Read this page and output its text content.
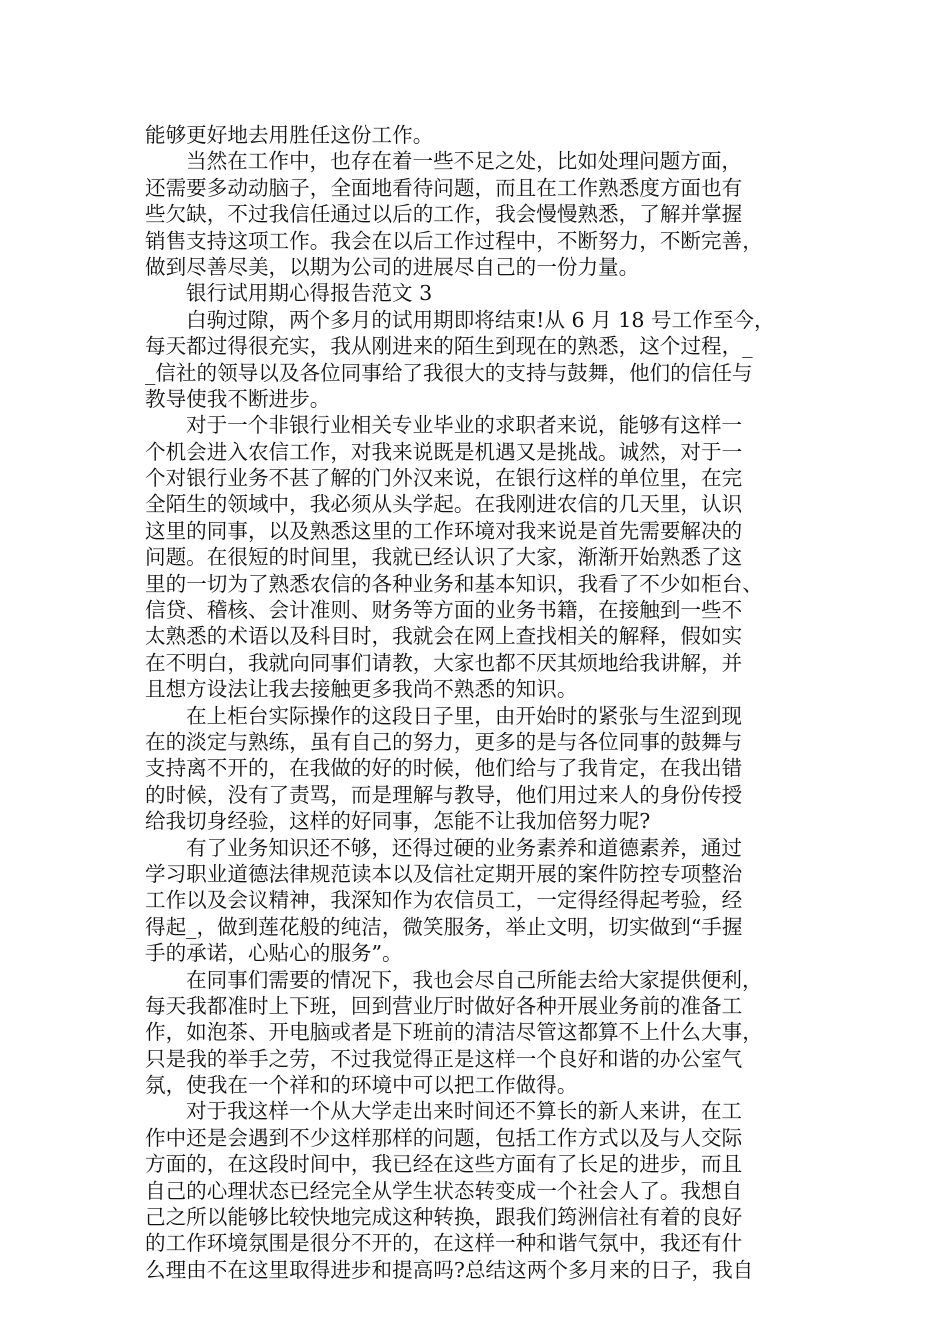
能够更好地去用胜任这份工作。
当然在工作中，也存在着一些不足之处，比如处理问题方面，
还需要多动动脑子，全面地看待问题，而且在工作熟悉度方面也有
些欠缺，不过我信任通过以后的工作，我会慢慢熟悉，了解并掌握
销售支持这项工作。我会在以后工作过程中，不断努力，不断完善，
做到尽善尽美，以期为公司的进展尽自己的一份力量。
银行试用期心得报告范文 3
白驹过隙，两个多月的试用期即将结束!从 6 月 18 号工作至今，
每天都过得很充实，我从刚进来的陌生到现在的熟悉，这个过程，_
_信社的领导以及各位同事给了我很大的支持与鼓舞，他们的信任与
教导使我不断进步。
对于一个非银行业相关专业毕业的求职者来说，能够有这样一
个机会进入农信工作，对我来说既是机遇又是挑战。诚然，对于一
个对银行业务不甚了解的门外汉来说，在银行这样的单位里，在完
全陌生的领域中，我必须从头学起。在我刚进农信的几天里，认识
这里的同事，以及熟悉这里的工作环境对我来说是首先需要解决的
问题。在很短的时间里，我就已经认识了大家，渐渐开始熟悉了这
里的一切为了熟悉农信的各种业务和基本知识，我看了不少如柜台、
信贷、稽核、会计准则、财务等方面的业务书籍，在接触到一些不
太熟悉的术语以及科目时，我就会在网上查找相关的解释，假如实
在不明白，我就向同事们请教，大家也都不厌其烦地给我讲解，并
且想方设法让我去接触更多我尚不熟悉的知识。
在上柜台实际操作的这段日子里，由开始时的紧张与生涩到现
在的淡定与熟练，虽有自己的努力，更多的是与各位同事的鼓舞与
支持离不开的，在我做的好的时候，他们给与了我肯定，在我出错
的时候，没有了责骂，而是理解与教导，他们用过来人的身份传授
给我切身经验，这样的好同事，怎能不让我加倍努力呢?
有了业务知识还不够，还得过硬的业务素养和道德素养，通过
学习职业道德法律规范读本以及信社定期开展的案件防控专项整治
工作以及会议精神，我深知作为农信员工，一定得经得起考验，经
得起_，做到莲花般的纯洁，微笑服务，举止文明，切实做到“手握
手的承诺，心贴心的服务”。
在同事们需要的情况下，我也会尽自己所能去给大家提供便利，
每天我都准时上下班，回到营业厅时做好各种开展业务前的准备工
作，如泡茶、开电脑或者是下班前的清洁尽管这都算不上什么大事，
只是我的举手之劳，不过我觉得正是这样一个良好和谐的办公室气
氛，使我在一个祥和的环境中可以把工作做得。
对于我这样一个从大学走出来时间还不算长的新人来讲，在工
作中还是会遇到不少这样那样的问题，包括工作方式以及与人交际
方面的，在这段时间中，我已经在这些方面有了长足的进步，而且
自己的心理状态已经完全从学生状态转变成一个社会人了。我想自
己之所以能够比较快地完成这种转换，跟我们筠洲信社有着的良好
的工作环境氛围是很分不开的，在这样一种和谐气氛中，我还有什
么理由不在这里取得进步和提高吗?总结这两个多月来的日子，我自
